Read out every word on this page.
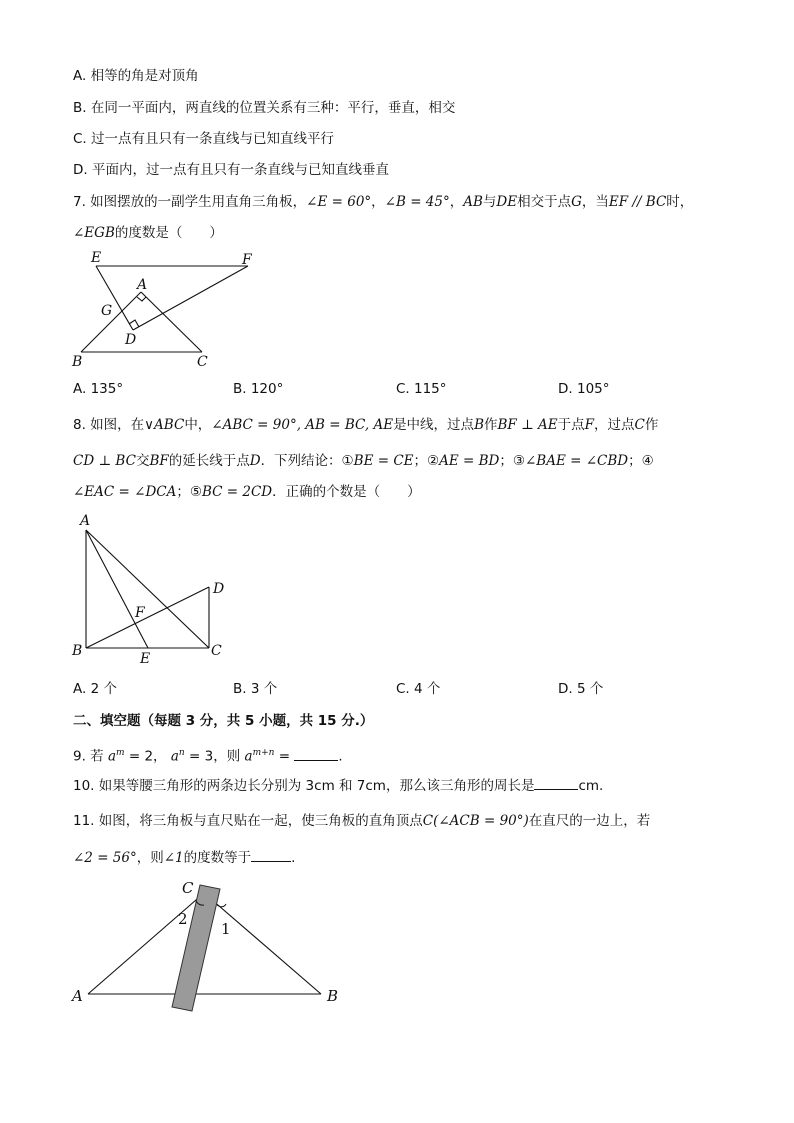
A. 相等的角是对顶角
B. 在同一平面内，两直线的位置关系有三种：平行，垂直，相交
C. 过一点有且只有一条直线与已知直线平行
D. 平面内，过一点有且只有一条直线与已知直线垂直
7. 如图摆放的一副学生用直角三角板，∠E = 60°，∠B = 45°，AB与DE相交于点G，当EF // BC时，
∠EGB的度数是（　　）
E	F
A
G
D
B	C
A. 135°	B. 120°	C. 115°	D. 105°
8. 如图，在∨ABC中，∠ABC = 90°, AB = BC, AE是中线，过点B作BF ⊥ AE于点F，过点C作
CD ⊥ BC交BF的延长线于点D．下列结论：①BE = CE；②AE = BD；③∠BAE = ∠CBD；④
∠EAC = ∠DCA；⑤BC = 2CD．正确的个数是（　　）
A
D
F
B	E	C
A. 2 个	B. 3 个	C. 4 个	D. 5 个
二、填空题（每题 3 分，共 5 小题，共 15 分.）
9. 若 $a^m = 2$， $a^n = 3$，则 $a^{m+n}$ =	.
10. 如果等腰三角形的两条边长分别为 3cm 和 7cm，那么该三角形的周长是	cm.
11. 如图，将三角板与直尺贴在一起，使三角板的直角顶点C(∠ACB = 90°)在直尺的一边上，若
∠2 = 56°，则∠1的度数等于	.
C
2
1
A	B
